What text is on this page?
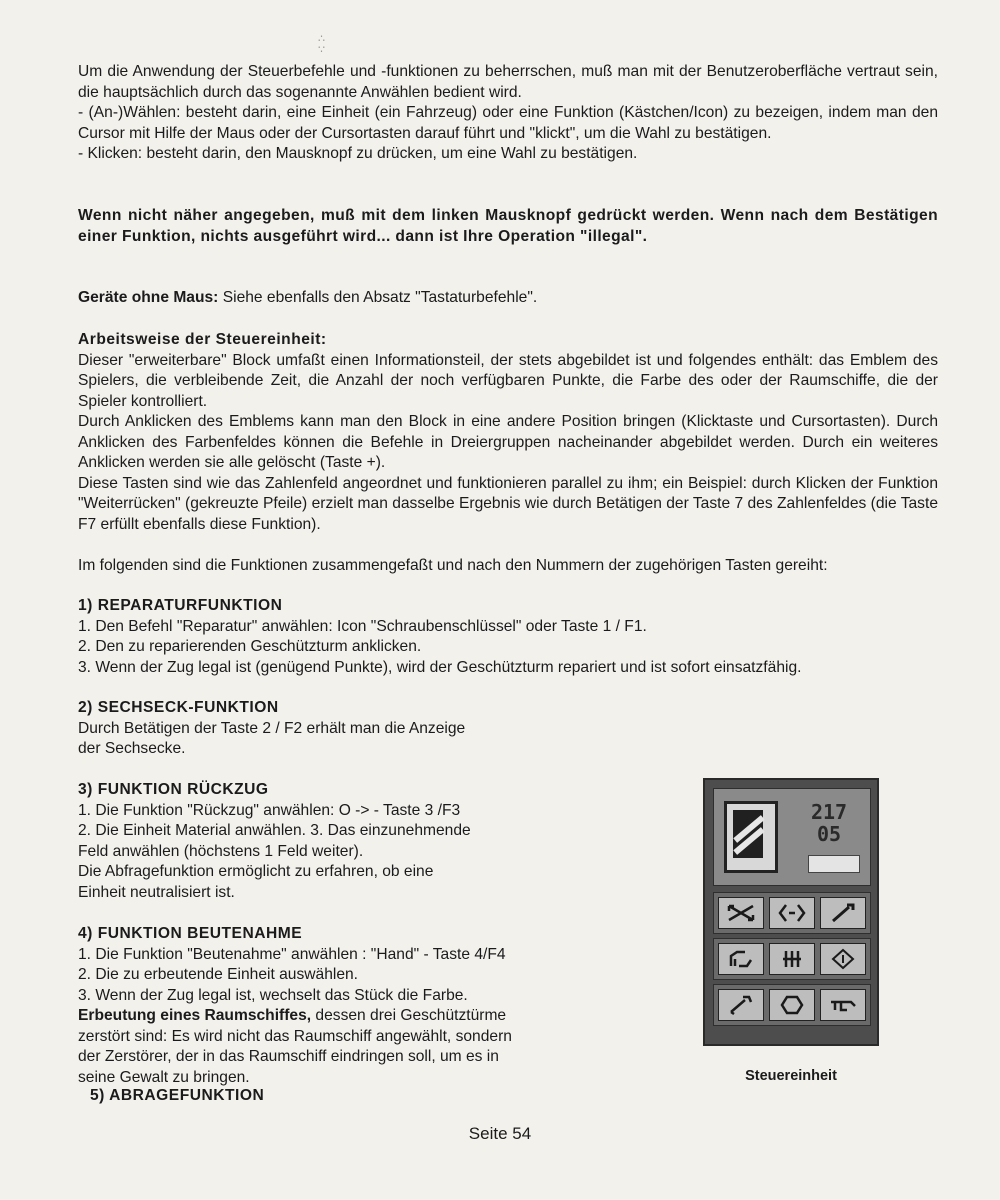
∴
∵

Um die Anwendung der Steuerbefehle und -funktionen zu beherrschen, muß man mit der Benutzeroberfläche vertraut sein, die hauptsächlich durch das sogenannte Anwählen bedient wird.

- (An-)Wählen: besteht darin, eine Einheit (ein Fahrzeug) oder eine Funktion (Kästchen/Icon) zu bezeigen, indem man den Cursor mit Hilfe der Maus oder der Cursortasten darauf führt und "klickt", um die Wahl zu bestätigen.

- Klicken: besteht darin, den Mausknopf zu drücken, um eine Wahl zu bestätigen.

Wenn nicht näher angegeben, muß mit dem linken Mausknopf gedrückt werden. Wenn nach dem Bestätigen einer Funktion, nichts ausgeführt wird... dann ist Ihre Operation "illegal".
Geräte ohne Maus: Siehe ebenfalls den Absatz "Tastaturbefehle".

Arbeitsweise der Steuereinheit:

Dieser "erweiterbare" Block umfaßt einen Informationsteil, der stets abgebildet ist und folgendes enthält: das Emblem des Spielers, die verbleibende Zeit, die Anzahl der noch verfügbaren Punkte, die Farbe des oder der Raumschiffe, die der Spieler kontrolliert.

Durch Anklicken des Emblems kann man den Block in eine andere Position bringen (Klicktaste und Cursortasten). Durch Anklicken des Farbenfeldes können die Befehle in Dreiergruppen nacheinander abgebildet werden. Durch ein weiteres Anklicken werden sie alle gelöscht (Taste +).

Diese Tasten sind wie das Zahlenfeld angeordnet und funktionieren parallel zu ihm; ein Beispiel: durch Klicken der Funktion "Weiterrücken" (gekreuzte Pfeile) erzielt man dasselbe Ergebnis wie durch Betätigen der Taste 7 des Zahlenfeldes (die Taste F7 erfüllt ebenfalls diese Funktion).

Im folgenden sind die Funktionen zusammengefaßt und nach den Nummern der zugehörigen Tasten gereiht:

1) REPARATURFUNKTION

1. Den Befehl "Reparatur" anwählen: Icon "Schraubenschlüssel" oder Taste 1 / F1.

2. Den zu reparierenden Geschützturm anklicken.

3. Wenn der Zug legal ist (genügend Punkte), wird der Geschützturm repariert und ist sofort einsatzfähig.

2) SECHSECK-FUNKTION

Durch Betätigen der Taste 2 / F2 erhält man die Anzeige

der Sechsecke.

3) FUNKTION RÜCKZUG

1. Die Funktion "Rückzug" anwählen: O -> - Taste 3 /F3

2. Die Einheit Material anwählen. 3. Das einzunehmende

Feld anwählen (höchstens 1 Feld weiter).

Die Abfragefunktion ermöglicht zu erfahren, ob eine

Einheit neutralisiert ist.

4) FUNKTION BEUTENAHME

1. Die Funktion "Beutenahme" anwählen : "Hand" - Taste 4/F4

2. Die zu erbeutende Einheit auswählen.

3. Wenn der Zug legal ist, wechselt das Stück die Farbe.

Erbeutung eines Raumschiffes, dessen drei Geschütztürme

zerstört sind: Es wird nicht das Raumschiff angewählt, sondern

der Zerstörer, der in das Raumschiff eindringen soll, um es in

seine Gewalt zu bringen.

5) ABRAGEFUNKTION

217
05
Steuereinheit
Seite 54
